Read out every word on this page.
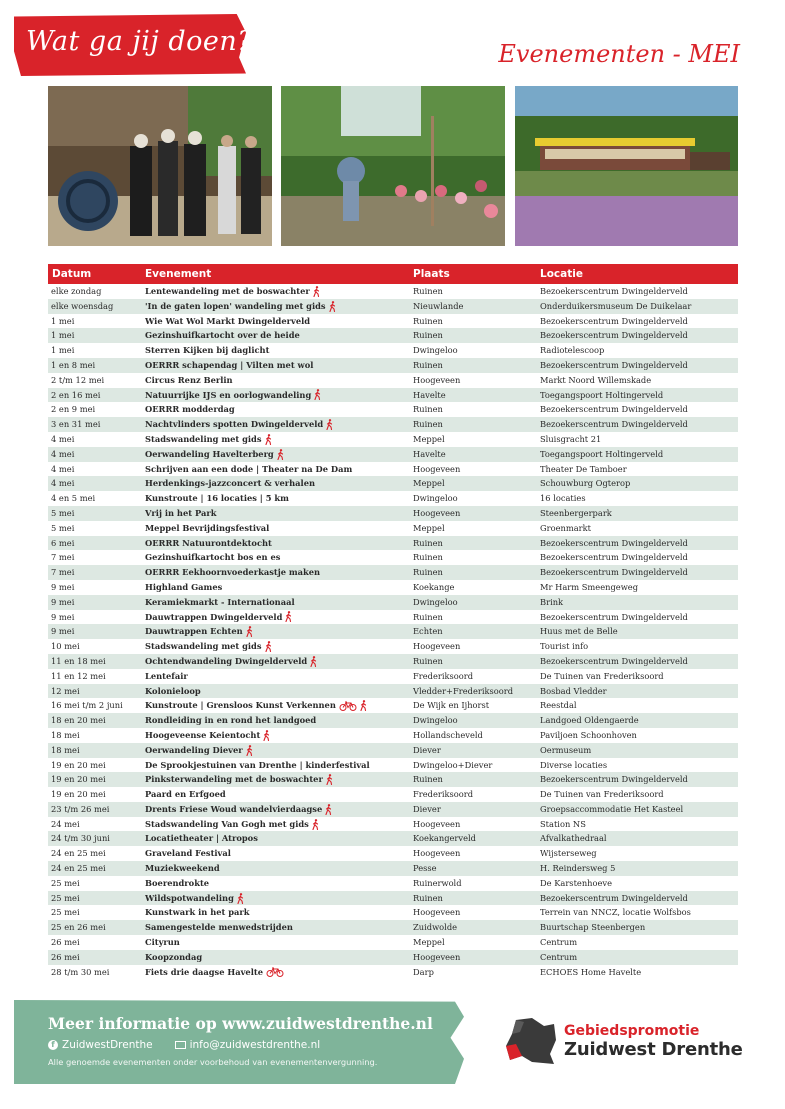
Wat ga jij doen?	Evenementen - MEI
Datum	Evenement	Plaats	Locatie
elke zondag	Lentewandeling met de boswachter	Ruinen	Bezoekerscentrum Dwingelderveld
elke woensdag	'In de gaten lopen' wandeling met gids	Nieuwlande	Onderduikersmuseum De Duikelaar
1 mei	Wie Wat Wol Markt Dwingelderveld	Ruinen	Bezoekerscentrum Dwingelderveld
1 mei	Gezinshuifkartocht over de heide	Ruinen	Bezoekerscentrum Dwingelderveld
1 mei	Sterren Kijken bij daglicht	Dwingeloo	Radiotelescoop
1 en 8 mei	OERRR schapendag | Vilten met wol	Ruinen	Bezoekerscentrum Dwingelderveld
2 t/m 12 mei	Circus Renz Berlin	Hoogeveen	Markt Noord Willemskade
2 en 16 mei	Natuurrijke IJS en oorlogwandeling	Havelte	Toegangspoort Holtingerveld
2 en 9 mei	OERRR modderdag	Ruinen	Bezoekerscentrum Dwingelderveld
3 en 31 mei	Nachtvlinders spotten Dwingelderveld	Ruinen	Bezoekerscentrum Dwingelderveld
4 mei	Stadswandeling met gids	Meppel	Sluisgracht 21
4 mei	Oerwandeling Havelterberg	Havelte	Toegangspoort Holtingerveld
4 mei	Schrijven aan een dode | Theater na De Dam	Hoogeveen	Theater De Tamboer
4 mei	Herdenkings-jazzconcert & verhalen	Meppel	Schouwburg Ogterop
4 en 5 mei	Kunstroute | 16 locaties | 5 km	Dwingeloo	16 locaties
5 mei	Vrij in het Park	Hoogeveen	Steenbergerpark
5 mei	Meppel Bevrijdingsfestival	Meppel	Groenmarkt
6 mei	OERRR Natuurontdektocht	Ruinen	Bezoekerscentrum Dwingelderveld
7 mei	Gezinshuifkartocht bos en es	Ruinen	Bezoekerscentrum Dwingelderveld
7 mei	OERRR Eekhoornvoederkastje maken	Ruinen	Bezoekerscentrum Dwingelderveld
9 mei	Highland Games	Koekange	Mr Harm Smeengeweg
9 mei	Keramiekmarkt - Internationaal	Dwingeloo	Brink
9 mei	Dauwtrappen Dwingelderveld	Ruinen	Bezoekerscentrum Dwingelderveld
9 mei	Dauwtrappen Echten	Echten	Huus met de Belle
10 mei	Stadswandeling met gids	Hoogeveen	Tourist info
11 en 18 mei	Ochtendwandeling Dwingelderveld	Ruinen	Bezoekerscentrum Dwingelderveld
11 en 12 mei	Lentefair	Frederiksoord	De Tuinen van Frederiksoord
12 mei	Kolonieloop	Vledder+Frederiksoord	Bosbad Vledder
16 mei t/m 2 juni	Kunstroute | Grensloos Kunst Verkennen	De Wijk en Ijhorst	Reestdal
18 en 20 mei	Rondleiding in en rond het landgoed	Dwingeloo	Landgoed Oldengaerde
18 mei	Hoogeveense Keientocht	Hollandscheveld	Paviljoen Schoonhoven
18 mei	Oerwandeling Diever	Diever	Oermuseum
19 en 20 mei	De Sprookjestuinen van Drenthe | kinderfestival	Dwingeloo+Diever	Diverse locaties
19 en 20 mei	Pinksterwandeling met de boswachter	Ruinen	Bezoekerscentrum Dwingelderveld
19 en 20 mei	Paard en Erfgoed	Frederiksoord	De Tuinen van Frederiksoord
23 t/m 26 mei	Drents Friese Woud wandelvierdaagse	Diever	Groepsaccommodatie Het Kasteel
24 mei	Stadswandeling Van Gogh met gids	Hoogeveen	Station NS
24 t/m 30 juni	Locatietheater | Atropos	Koekangerveld	Afvalkathedraal
24 en 25 mei	Graveland Festival	Hoogeveen	Wijsterseweg
24 en 25 mei	Muziekweekend	Pesse	H. Reindersweg 5
25 mei	Boerendrokte	Ruinerwold	De Karstenhoeve
25 mei	Wildspotwandeling	Ruinen	Bezoekerscentrum Dwingelderveld
25 mei	Kunstwark in het park	Hoogeveen	Terrein van NNCZ, locatie Wolfsbos
25 en 26 mei	Samengestelde menwedstrijden	Zuidwolde	Buurtschap Steenbergen
26 mei	Cityrun	Meppel	Centrum
26 mei	Koopzondag	Hoogeveen	Centrum
28 t/m 30 mei	Fiets drie daagse Havelte	Darp	ECHOES Home Havelte
Meer informatie op www.zuidwestdrenthe.nl
f ZuidwestDrenthe	info@zuidwestdrenthe.nl
Alle genoemde evenementen onder voorbehoud van evenementenvergunning.
Gebiedspromotie
Zuidwest Drenthe
